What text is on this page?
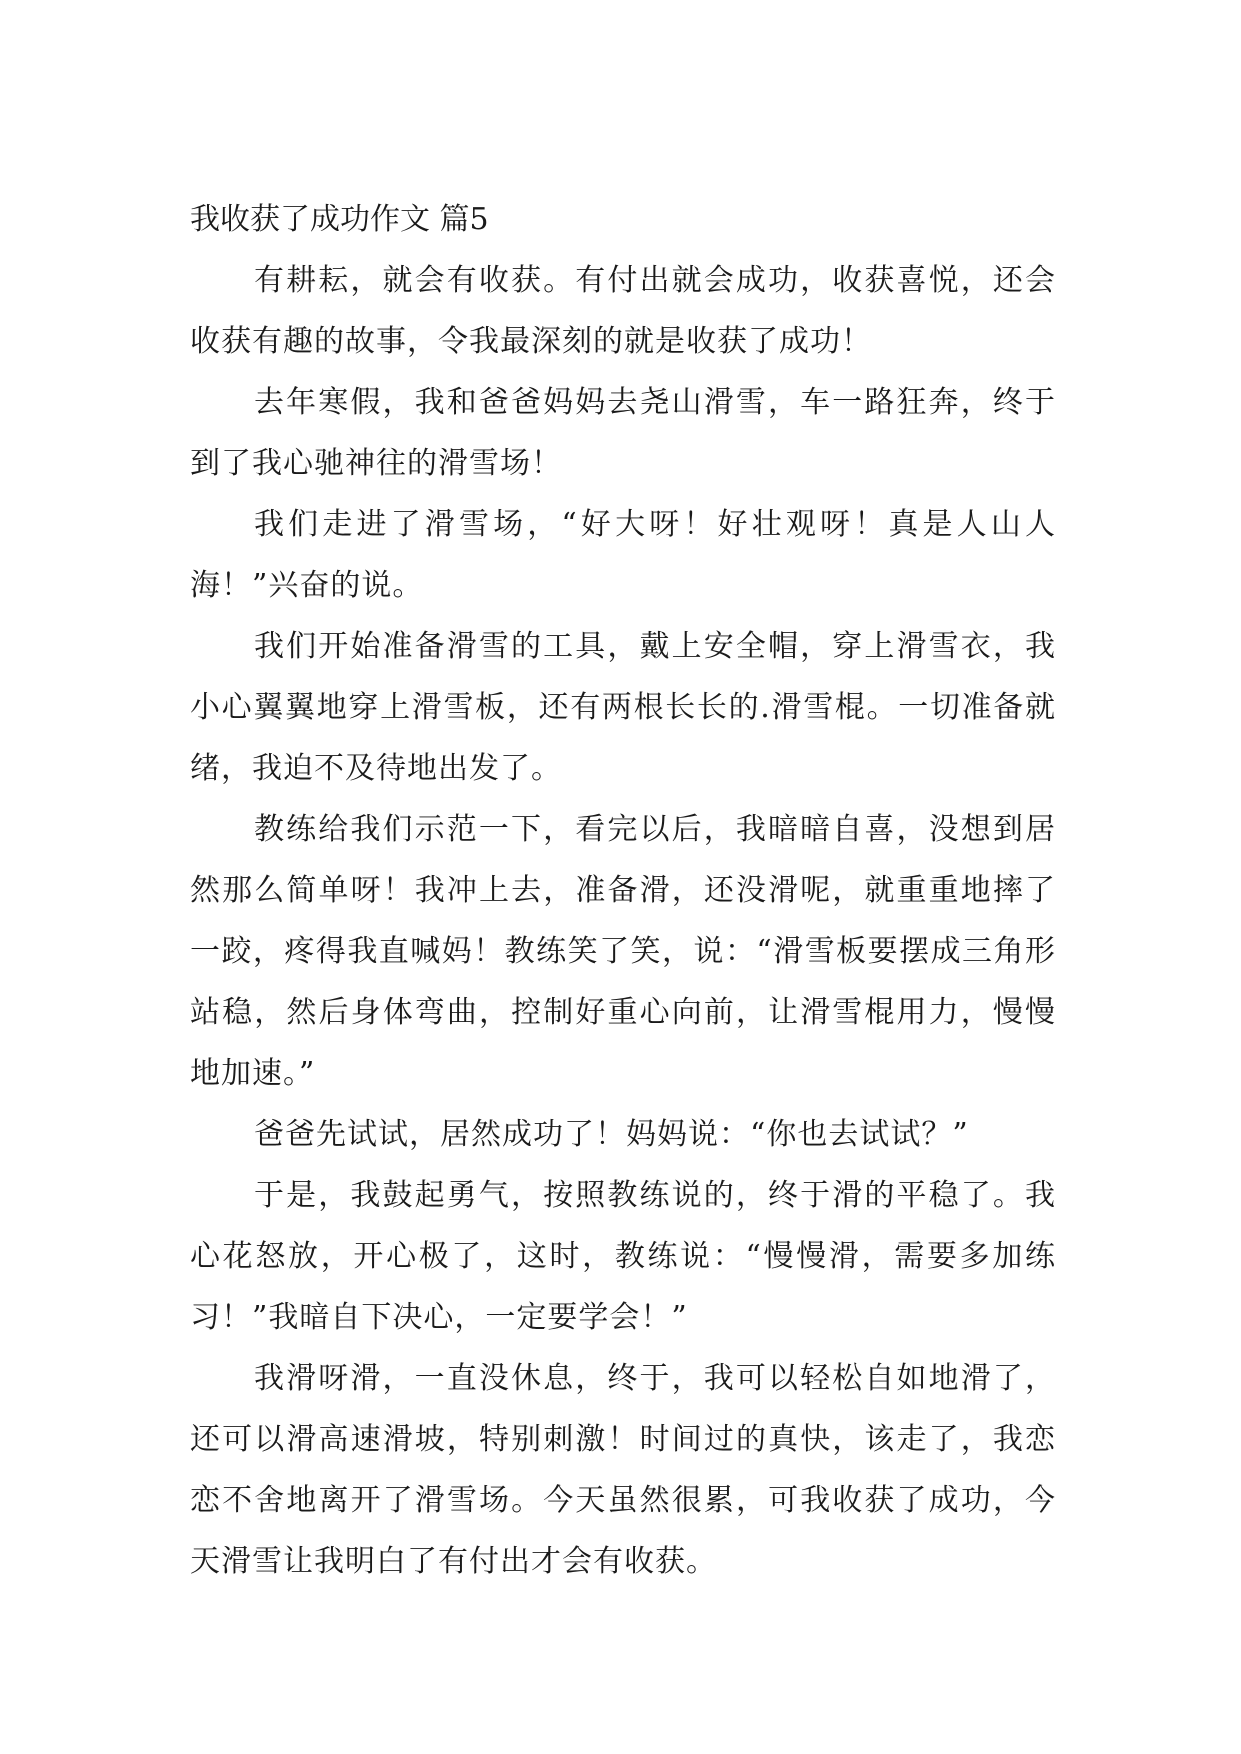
我收获了成功作文 篇5

有耕耘，就会有收获。有付出就会成功，收获喜悦，还会收获有趣的故事，令我最深刻的就是收获了成功！

去年寒假，我和爸爸妈妈去尧山滑雪，车一路狂奔，终于到了我心驰神往的滑雪场！

我们走进了滑雪场，“好大呀！好壮观呀！真是人山人海！”兴奋的说。

我们开始准备滑雪的工具，戴上安全帽，穿上滑雪衣，我小心翼翼地穿上滑雪板，还有两根长长的.滑雪棍。一切准备就绪，我迫不及待地出发了。

教练给我们示范一下，看完以后，我暗暗自喜，没想到居然那么简单呀！我冲上去，准备滑，还没滑呢，就重重地摔了一跤，疼得我直喊妈！教练笑了笑，说：“滑雪板要摆成三角形站稳，然后身体弯曲，控制好重心向前，让滑雪棍用力，慢慢地加速。”

爸爸先试试，居然成功了！妈妈说：“你也去试试？”

于是，我鼓起勇气，按照教练说的，终于滑的平稳了。我心花怒放，开心极了，这时，教练说：“慢慢滑，需要多加练习！”我暗自下决心，一定要学会！”

我滑呀滑，一直没休息，终于，我可以轻松自如地滑了，还可以滑高速滑坡，特别刺激！时间过的真快，该走了，我恋恋不舍地离开了滑雪场。今天虽然很累，可我收获了成功，今天滑雪让我明白了有付出才会有收获。
